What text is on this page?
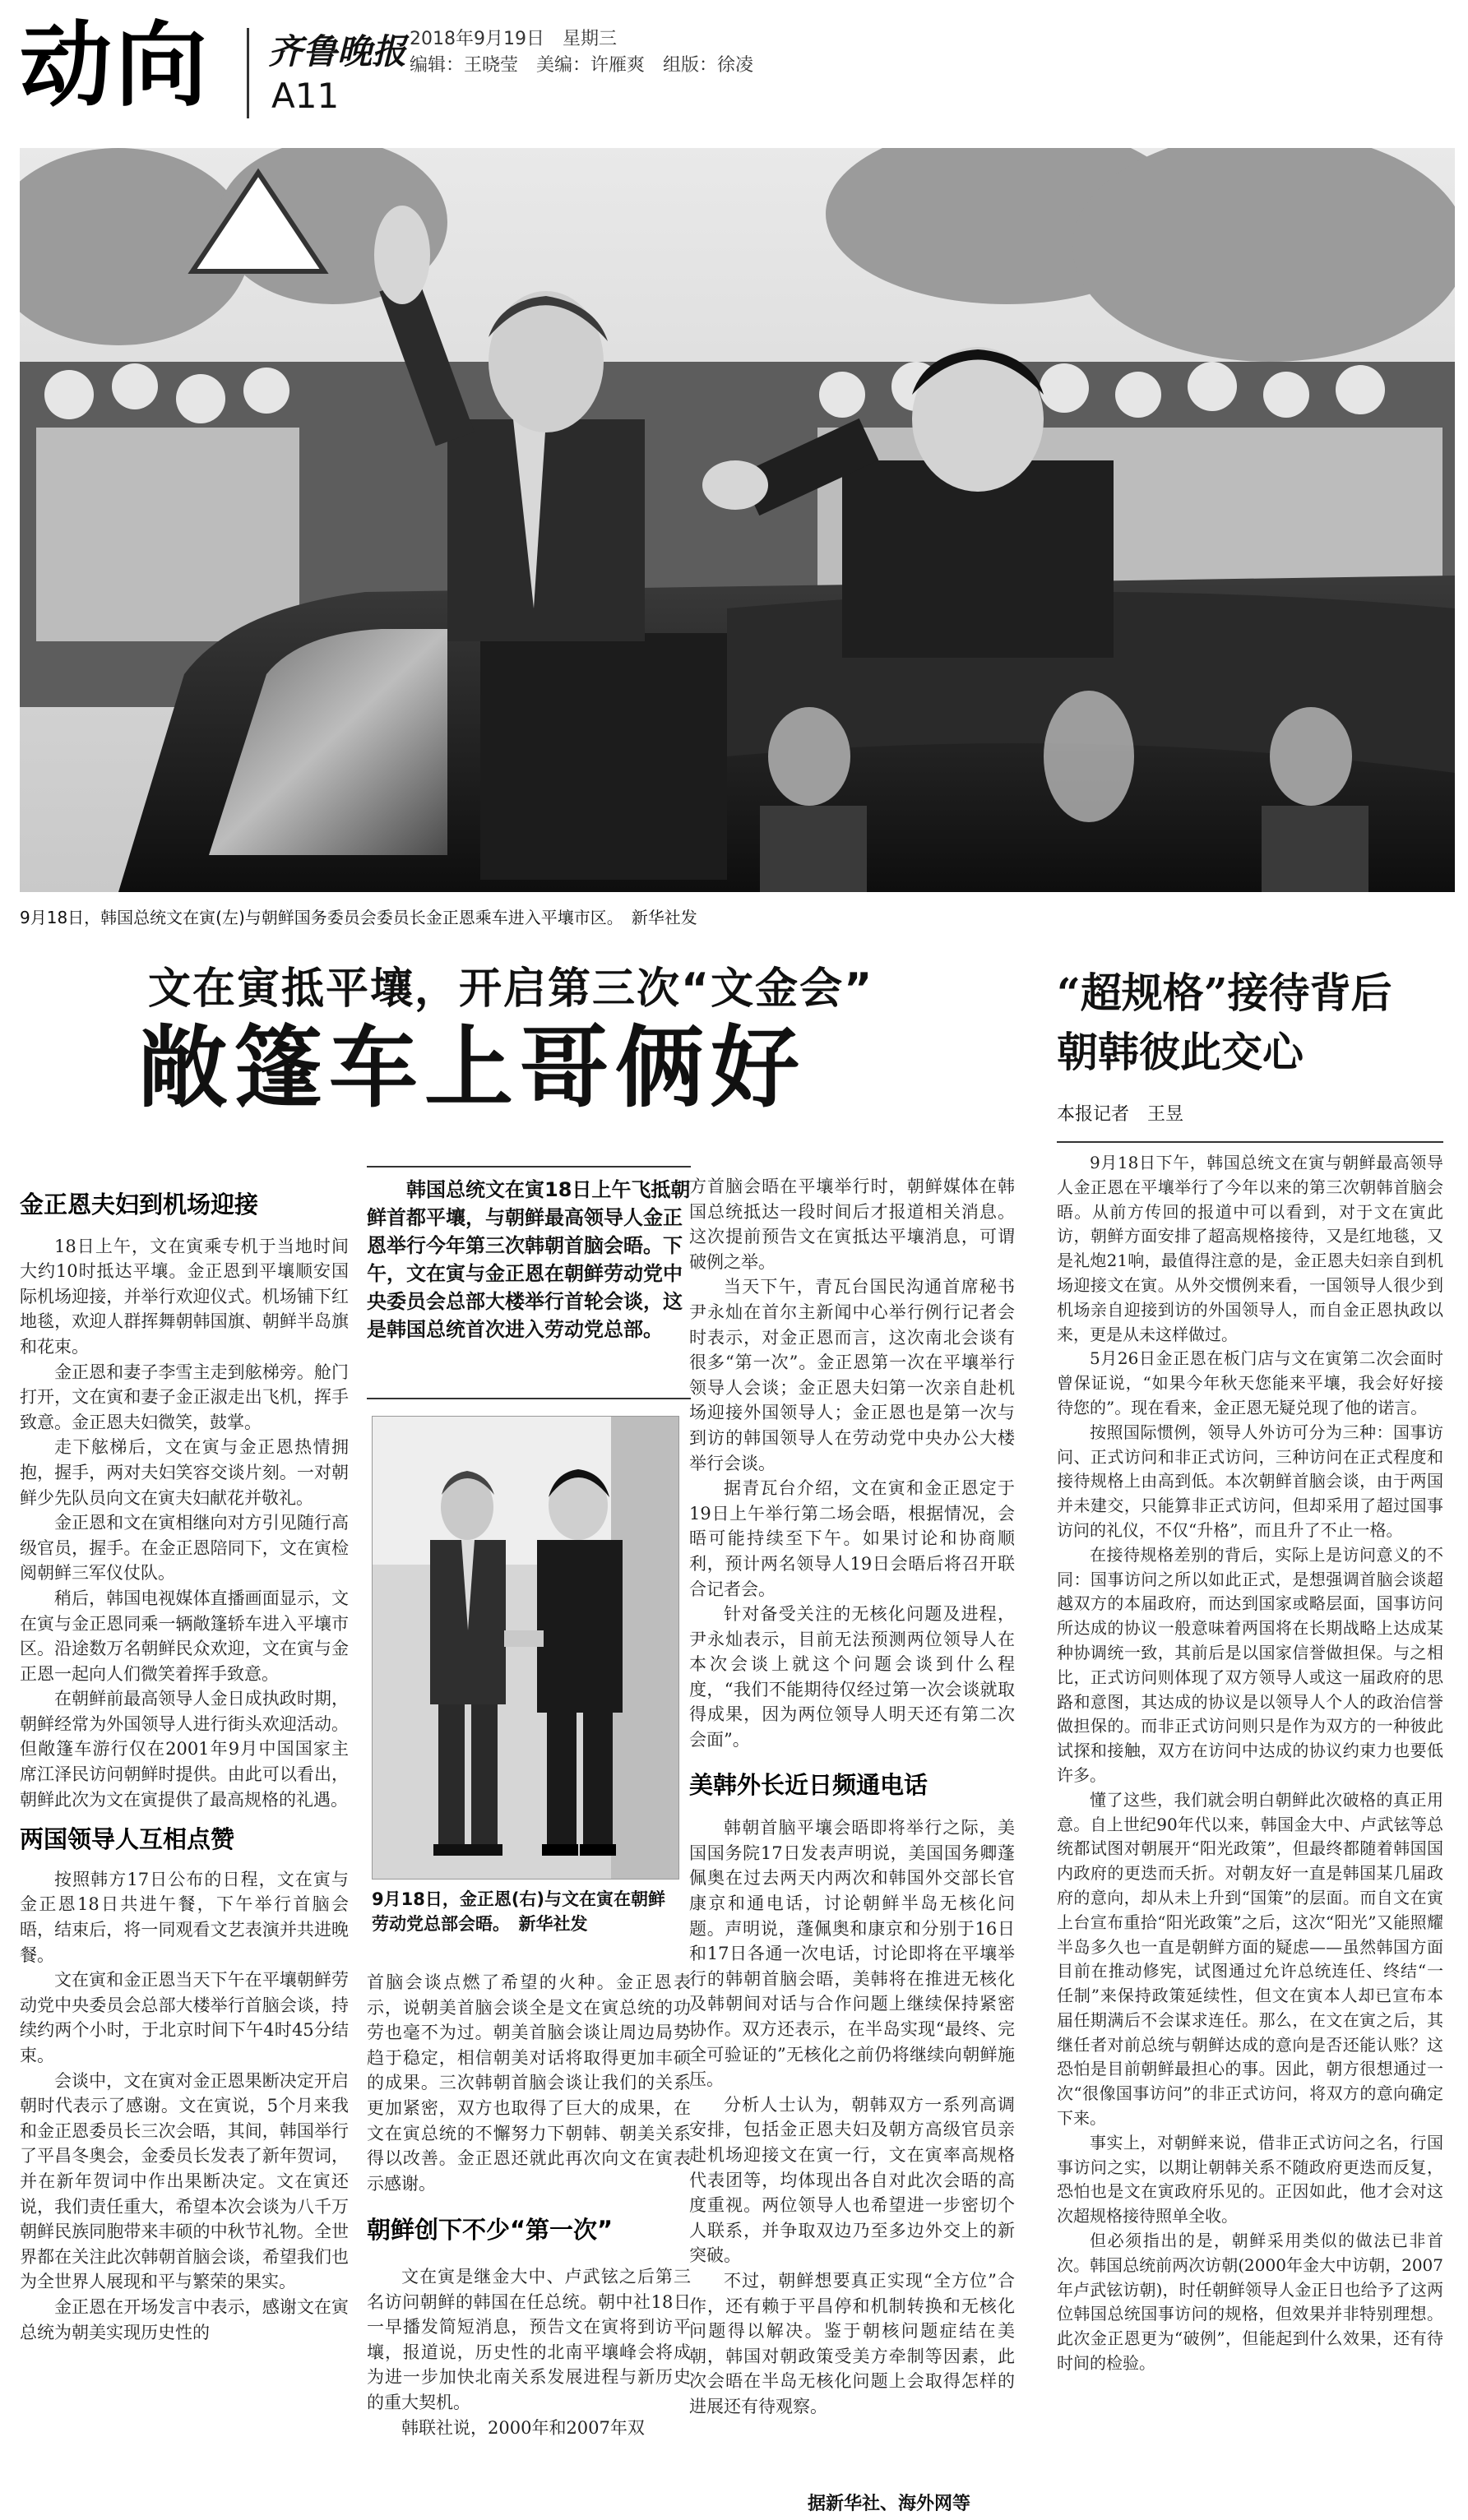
动向 齐鲁晚报
A11
2018年9月19日　星期三
编辑：王晓莹　美编：许雁爽　组版：徐凌
9月18日，韩国总统文在寅(左)与朝鲜国务委员会委员长金正恩乘车进入平壤市区。　新华社发
文在寅抵平壤，开启第三次“文金会”
敞篷车上哥俩好
“超规格”接待背后
朝韩彼此交心
本报记者　王昱
金正恩夫妇到机场迎接

18日上午，文在寅乘专机于当地时间大约10时抵达平壤。金正恩到平壤顺安国际机场迎接，并举行欢迎仪式。机场铺下红地毯，欢迎人群挥舞朝韩国旗、朝鲜半岛旗和花束。

金正恩和妻子李雪主走到舷梯旁。舱门打开，文在寅和妻子金正淑走出飞机，挥手致意。金正恩夫妇微笑，鼓掌。

走下舷梯后，文在寅与金正恩热情拥抱，握手，两对夫妇笑容交谈片刻。一对朝鲜少先队员向文在寅夫妇献花并敬礼。

金正恩和文在寅相继向对方引见随行高级官员，握手。在金正恩陪同下，文在寅检阅朝鲜三军仪仗队。

稍后，韩国电视媒体直播画面显示，文在寅与金正恩同乘一辆敞篷轿车进入平壤市区。沿途数万名朝鲜民众欢迎，文在寅与金正恩一起向人们微笑着挥手致意。

在朝鲜前最高领导人金日成执政时期，朝鲜经常为外国领导人进行街头欢迎活动。但敞篷车游行仅在2001年9月中国国家主席江泽民访问朝鲜时提供。由此可以看出，朝鲜此次为文在寅提供了最高规格的礼遇。

两国领导人互相点赞

按照韩方17日公布的日程，文在寅与金正恩18日共进午餐，下午举行首脑会晤，结束后，将一同观看文艺表演并共进晚餐。

文在寅和金正恩当天下午在平壤朝鲜劳动党中央委员会总部大楼举行首脑会谈，持续约两个小时，于北京时间下午4时45分结束。

会谈中，文在寅对金正恩果断决定开启朝时代表示了感谢。文在寅说，5个月来我和金正恩委员长三次会晤，其间，韩国举行了平昌冬奥会，金委员长发表了新年贺词，并在新年贺词中作出果断决定。文在寅还说，我们责任重大，希望本次会谈为八千万朝鲜民族同胞带来丰硕的中秋节礼物。全世界都在关注此次韩朝首脑会谈，希望我们也为全世界人展现和平与繁荣的果实。

金正恩在开场发言中表示，感谢文在寅总统为朝美实现历史性的

　　韩国总统文在寅18日上午飞抵朝鲜首都平壤，与朝鲜最高领导人金正恩举行今年第三次韩朝首脑会晤。下午，文在寅与金正恩在朝鲜劳动党中央委员会总部大楼举行首轮会谈，这是韩国总统首次进入劳动党总部。
9月18日，金正恩(右)与文在寅在朝鲜劳动党总部会晤。　新华社发

首脑会谈点燃了希望的火种。金正恩表示，说朝美首脑会谈全是文在寅总统的功劳也毫不为过。朝美首脑会谈让周边局势趋于稳定，相信朝美对话将取得更加丰硕的成果。三次韩朝首脑会谈让我们的关系更加紧密，双方也取得了巨大的成果，在文在寅总统的不懈努力下朝韩、朝美关系得以改善。金正恩还就此再次向文在寅表示感谢。

朝鲜创下不少“第一次”

文在寅是继金大中、卢武铉之后第三名访问朝鲜的韩国在任总统。朝中社18日一早播发简短消息，预告文在寅将到访平壤，报道说，历史性的北南平壤峰会将成为进一步加快北南关系发展进程与新历史的重大契机。

韩联社说，2000年和2007年双

方首脑会晤在平壤举行时，朝鲜媒体在韩国总统抵达一段时间后才报道相关消息。这次提前预告文在寅抵达平壤消息，可谓破例之举。

当天下午，青瓦台国民沟通首席秘书尹永灿在首尔主新闻中心举行例行记者会时表示，对金正恩而言，这次南北会谈有很多“第一次”。金正恩第一次在平壤举行领导人会谈；金正恩夫妇第一次亲自赴机场迎接外国领导人；金正恩也是第一次与到访的韩国领导人在劳动党中央办公大楼举行会谈。

据青瓦台介绍，文在寅和金正恩定于19日上午举行第二场会晤，根据情况，会晤可能持续至下午。如果讨论和协商顺利，预计两名领导人19日会晤后将召开联合记者会。

针对备受关注的无核化问题及进程，尹永灿表示，目前无法预测两位领导人在本次会谈上就这个问题会谈到什么程度，“我们不能期待仅经过第一次会谈就取得成果，因为两位领导人明天还有第二次会面”。

美韩外长近日频通电话

韩朝首脑平壤会晤即将举行之际，美国国务院17日发表声明说，美国国务卿蓬佩奥在过去两天内两次和韩国外交部长官康京和通电话，讨论朝鲜半岛无核化问题。声明说，蓬佩奥和康京和分别于16日和17日各通一次电话，讨论即将在平壤举行的韩朝首脑会晤，美韩将在推进无核化及韩朝间对话与合作问题上继续保持紧密协作。双方还表示，在半岛实现“最终、完全可验证的”无核化之前仍将继续向朝鲜施压。

分析人士认为，朝韩双方一系列高调安排，包括金正恩夫妇及朝方高级官员亲赴机场迎接文在寅一行，文在寅率高规格代表团等，均体现出各自对此次会晤的高度重视。两位领导人也希望进一步密切个人联系，并争取双边乃至多边外交上的新突破。

不过，朝鲜想要真正实现“全方位”合作，还有赖于平昌停和机制转换和无核化问题得以解决。鉴于朝核问题症结在美朝，韩国对朝政策受美方牵制等因素，此次会晤在半岛无核化问题上会取得怎样的进展还有待观察。

据新华社、海外网等

9月18日下午，韩国总统文在寅与朝鲜最高领导人金正恩在平壤举行了今年以来的第三次朝韩首脑会晤。从前方传回的报道中可以看到，对于文在寅此访，朝鲜方面安排了超高规格接待，又是红地毯，又是礼炮21响，最值得注意的是，金正恩夫妇亲自到机场迎接文在寅。从外交惯例来看，一国领导人很少到机场亲自迎接到访的外国领导人，而自金正恩执政以来，更是从未这样做过。

5月26日金正恩在板门店与文在寅第二次会面时曾保证说，“如果今年秋天您能来平壤，我会好好接待您的”。现在看来，金正恩无疑兑现了他的诺言。

按照国际惯例，领导人外访可分为三种：国事访问、正式访问和非正式访问，三种访问在正式程度和接待规格上由高到低。本次朝鲜首脑会谈，由于两国并未建交，只能算非正式访问，但却采用了超过国事访问的礼仪，不仅“升格”，而且升了不止一格。

在接待规格差别的背后，实际上是访问意义的不同：国事访问之所以如此正式，是想强调首脑会谈超越双方的本届政府，而达到国家或略层面，国事访问所达成的协议一般意味着两国将在长期战略上达成某种协调统一致，其前后是以国家信誉做担保。与之相比，正式访问则体现了双方领导人或这一届政府的思路和意图，其达成的协议是以领导人个人的政治信誉做担保的。而非正式访问则只是作为双方的一种彼此试探和接触，双方在访问中达成的协议约束力也要低许多。

懂了这些，我们就会明白朝鲜此次破格的真正用意。自上世纪90年代以来，韩国金大中、卢武铉等总统都试图对朝展开“阳光政策”，但最终都随着韩国国内政府的更迭而夭折。对朝友好一直是韩国某几届政府的意向，却从未上升到“国策”的层面。而自文在寅上台宣布重拾“阳光政策”之后，这次“阳光”又能照耀半岛多久也一直是朝鲜方面的疑虑——虽然韩国方面目前在推动修宪，试图通过允许总统连任、终结“一任制”来保持政策延续性，但文在寅本人却已宣布本届任期满后不会谋求连任。那么，在文在寅之后，其继任者对前总统与朝鲜达成的意向是否还能认账？这恐怕是目前朝鲜最担心的事。因此，朝方很想通过一次“很像国事访问”的非正式访问，将双方的意向确定下来。

事实上，对朝鲜来说，借非正式访问之名，行国事访问之实，以期让朝韩关系不随政府更迭而反复，恐怕也是文在寅政府乐见的。正因如此，他才会对这次超规格接待照单全收。

但必须指出的是，朝鲜采用类似的做法已非首次。韩国总统前两次访朝(2000年金大中访朝，2007年卢武铉访朝)，时任朝鲜领导人金正日也给予了这两位韩国总统国事访问的规格，但效果并非特别理想。此次金正恩更为“破例”，但能起到什么效果，还有待时间的检验。
